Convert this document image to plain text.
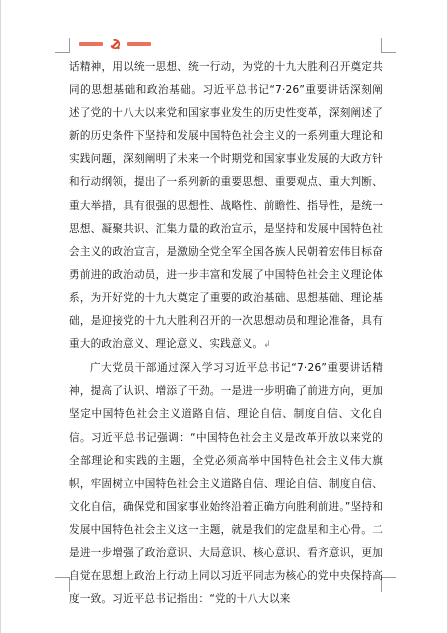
话精神，用以统一思想、统一行动，为党的十九大胜利召开奠定共同的思想基础和政治基础。习近平总书记“7·26”重要讲话深刻阐述了党的十八大以来党和国家事业发生的历史性变革，深刻阐述了新的历史条件下坚持和发展中国特色社会主义的一系列重大理论和实践问题，深刻阐明了未来一个时期党和国家事业发展的大政方针和行动纲领，提出了一系列新的重要思想、重要观点、重大判断、重大举措，具有很强的思想性、战略性、前瞻性、指导性，是统一思想、凝聚共识、汇集力量的政治宣示，是坚持和发展中国特色社会主义的政治宣言，是激励全党全军全国各族人民朝着宏伟目标奋勇前进的政治动员，进一步丰富和发展了中国特色社会主义理论体系，为开好党的十九大奠定了重要的政治基础、思想基础、理论基础，是迎接党的十九大胜利召开的一次思想动员和理论准备，具有重大的政治意义、理论意义、实践意义。↲

广大党员干部通过深入学习习近平总书记“7·26”重要讲话精神，提高了认识、增添了干劲。一是进一步明确了前进方向，更加坚定中国特色社会主义道路自信、理论自信、制度自信、文化自信。习近平总书记强调：“中国特色社会主义是改革开放以来党的全部理论和实践的主题，全党必须高举中国特色社会主义伟大旗帜，牢固树立中国特色社会主义道路自信、理论自信、制度自信、文化自信，确保党和国家事业始终沿着正确方向胜利前进。”坚持和发展中国特色社会主义这一主题，就是我们的定盘星和主心骨。二是进一步增强了政治意识、大局意识、核心意识、看齐意识，更加自觉在思想上政治上行动上同以习近平同志为核心的党中央保持高度一致。习近平总书记指出：“党的十八大以来
